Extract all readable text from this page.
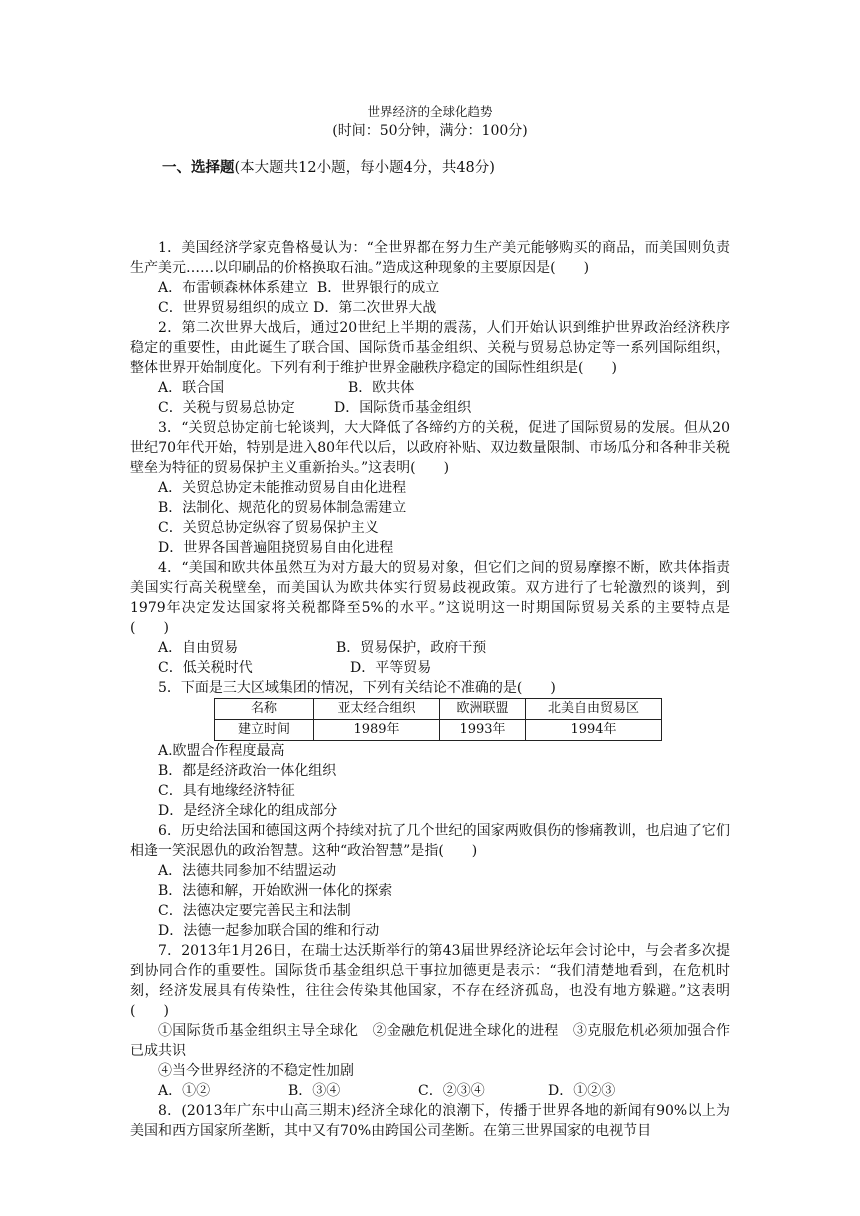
世界经济的全球化趋势
(时间：50分钟，满分：100分)
一、选择题(本大题共12小题，每小题4分，共48分)

1．美国经济学家克鲁格曼认为：“全世界都在努力生产美元能够购买的商品，而美国则负责生产美元……以印刷品的价格换取石油。”造成这种现象的主要原因是(　　)

A．布雷顿森林体系建立  B．世界银行的成立

C．世界贸易组织的成立 D．第二次世界大战

2．第二次世界大战后，通过20世纪上半期的震荡，人们开始认识到维护世界政治经济秩序稳定的重要性，由此诞生了联合国、国际货币基金组织、关税与贸易总协定等一系列国际组织，整体世界开始制度化。下列有利于维护世界金融秩序稳定的国际性组织是(　　)

A．联合国	B．欧共体

C．关税与贸易总协定	D．国际货币基金组织

3．“关贸总协定前七轮谈判，大大降低了各缔约方的关税，促进了国际贸易的发展。但从20世纪70年代开始，特别是进入80年代以后，以政府补贴、双边数量限制、市场瓜分和各种非关税壁垒为特征的贸易保护主义重新抬头。”这表明(　　)

A．关贸总协定未能推动贸易自由化进程

B．法制化、规范化的贸易体制急需建立

C．关贸总协定纵容了贸易保护主义

D．世界各国普遍阻挠贸易自由化进程

4．“美国和欧共体虽然互为对方最大的贸易对象，但它们之间的贸易摩擦不断，欧共体指责美国实行高关税壁垒，而美国认为欧共体实行贸易歧视政策。双方进行了七轮激烈的谈判，到1979年决定发达国家将关税都降至5%的水平。”这说明这一时期国际贸易关系的主要特点是(　　)

A．自由贸易	B．贸易保护，政府干预

C．低关税时代	D．平等贸易

5．下面是三大区域集团的情况，下列有关结论不准确的是(　　)

名称	亚太经合组织	欧洲联盟	北美自由贸易区
建立时间	1989年	1993年	1994年

A.欧盟合作程度最高

B．都是经济政治一体化组织

C．具有地缘经济特征

D．是经济全球化的组成部分

6．历史给法国和德国这两个持续对抗了几个世纪的国家两败俱伤的惨痛教训，也启迪了它们相逢一笑泯恩仇的政治智慧。这种“政治智慧”是指(　　)

A．法德共同参加不结盟运动

B．法德和解，开始欧洲一体化的探索

C．法德决定要完善民主和法制

D．法德一起参加联合国的维和行动

7．2013年1月26日，在瑞士达沃斯举行的第43届世界经济论坛年会讨论中，与会者多次提到协同合作的重要性。国际货币基金组织总干事拉加德更是表示：“我们清楚地看到，在危机时刻，经济发展具有传染性，往往会传染其他国家，不存在经济孤岛，也没有地方躲避。”这表明(　　)

①国际货币基金组织主导全球化　②金融危机促进全球化的进程　③克服危机必须加强合作已成共识

④当今世界经济的不稳定性加剧

A．①②	B．③④	C．②③④	D．①②③

8．(2013年广东中山高三期末)经济全球化的浪潮下，传播于世界各地的新闻有90%以上为美国和西方国家所垄断，其中又有70%由跨国公司垄断。在第三世界国家的电视节目
